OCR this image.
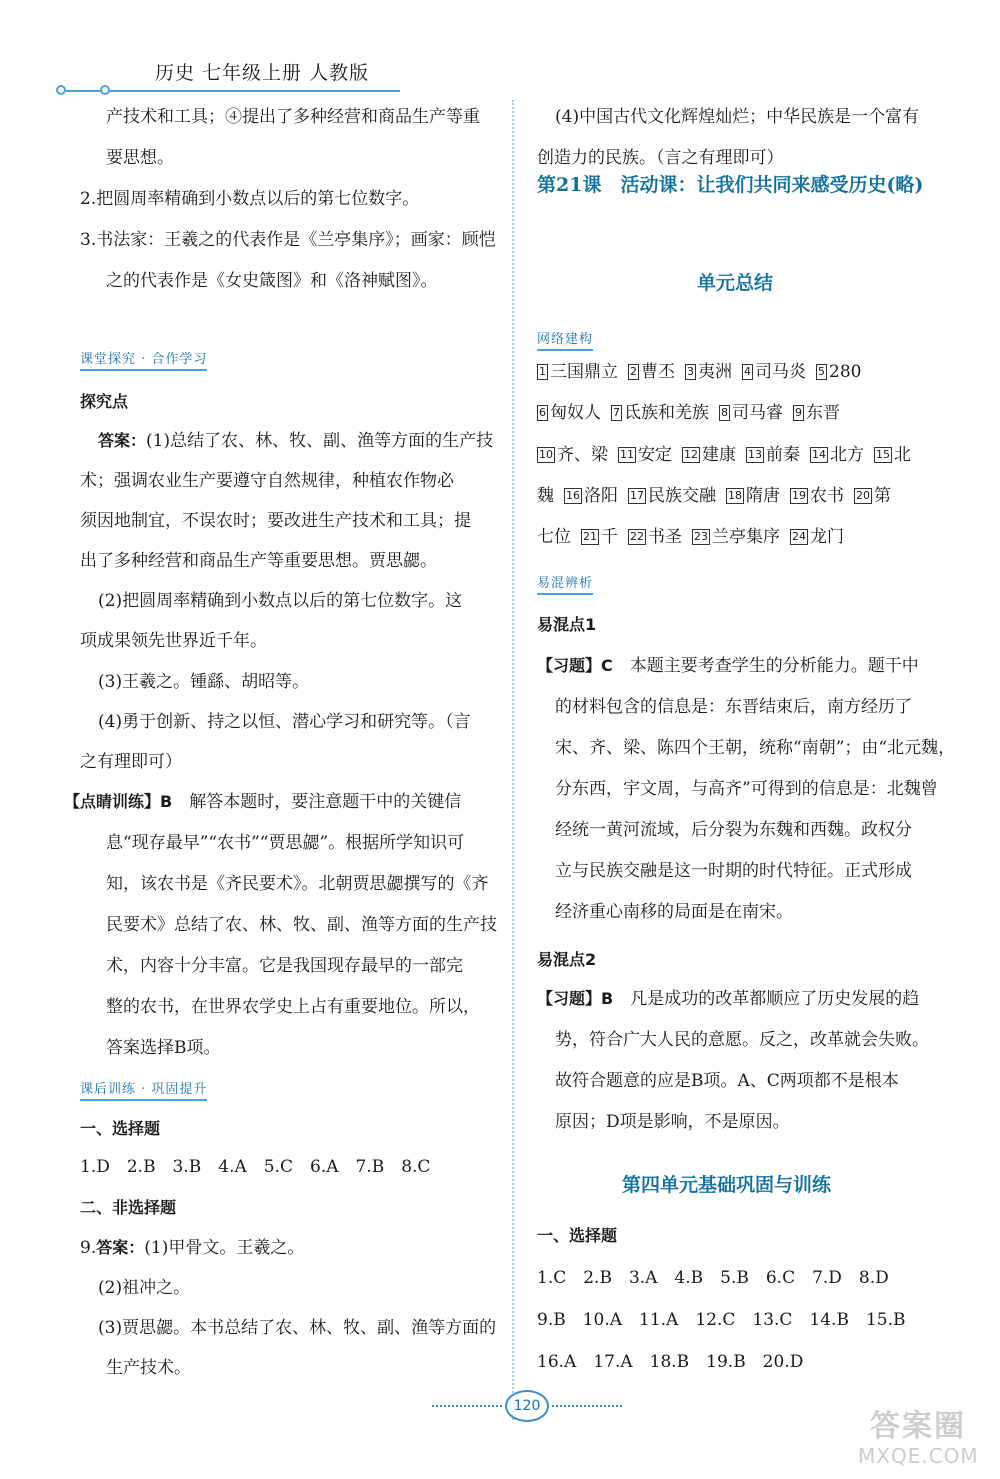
历史 七年级上册 人教版
产技术和工具；④提出了多种经营和商品生产等重
要思想。
2.把圆周率精确到小数点以后的第七位数字。
3.书法家：王羲之的代表作是《兰亭集序》；画家：顾恺
之的代表作是《女史箴图》和《洛神赋图》。
课堂探究 · 合作学习
探究点
答案：(1)总结了农、林、牧、副、渔等方面的生产技
术；强调农业生产要遵守自然规律，种植农作物必
须因地制宜，不误农时；要改进生产技术和工具；提
出了多种经营和商品生产等重要思想。贾思勰。
(2)把圆周率精确到小数点以后的第七位数字。这
项成果领先世界近千年。
(3)王羲之。锺繇、胡昭等。
(4)勇于创新、持之以恒、潜心学习和研究等。（言
之有理即可）
【点睛训练】B　 解答本题时，要注意题干中的关键信
息“现存最早”“农书”“贾思勰”。根据所学知识可
知，该农书是《齐民要术》。北朝贾思勰撰写的《齐
民要术》总结了农、林、牧、副、渔等方面的生产技
术，内容十分丰富。它是我国现存最早的一部完
整的农书，在世界农学史上占有重要地位。所以，
答案选择B项。
课后训练 · 巩固提升
一、选择题
1.D　2.B　3.B　4.A　5.C　6.A　7.B　8.C
二、非选择题
9.答案：(1)甲骨文。王羲之。
(2)祖冲之。
(3)贾思勰。本书总结了农、林、牧、副、渔等方面的
生产技术。
(4)中国古代文化辉煌灿烂；中华民族是一个富有
创造力的民族。（言之有理即可）
第21课　活动课：让我们共同来感受历史(略)
单元总结
网络建构
1 三国鼎立 2 曹丕 3 夷洲 4 司马炎 5 280
6 匈奴人 7 氐族和羌族 8 司马睿 9 东晋
10 齐、梁 11 安定 12 建康 13 前秦 14 北方 15 北
魏 16 洛阳 17 民族交融 18 隋唐 19 农书 20 第
七位 21 千 22 书圣 23 兰亭集序 24 龙门
易混辨析
易混点1
【习题】C　 本题主要考查学生的分析能力。题干中
的材料包含的信息是：东晋结束后，南方经历了
宋、齐、梁、陈四个王朝，统称“南朝”；由“北元魏，
分东西，宇文周，与高齐”可得到的信息是：北魏曾
经统一黄河流域，后分裂为东魏和西魏。政权分
立与民族交融是这一时期的时代特征。正式形成
经济重心南移的局面是在南宋。
易混点2
【习题】B　 凡是成功的改革都顺应了历史发展的趋
势，符合广大人民的意愿。反之，改革就会失败。
故符合题意的应是B项。A、C两项都不是根本
原因；D项是影响，不是原因。
第四单元基础巩固与训练
一、选择题
1.C　2.B　3.A　4.B　5.B　6.C　7.D　8.D
9.B　10.A　11.A　12.C　13.C　14.B　15.B
16.A　17.A　18.B　19.B　20.D
120
答案圈
MXQE.COM
